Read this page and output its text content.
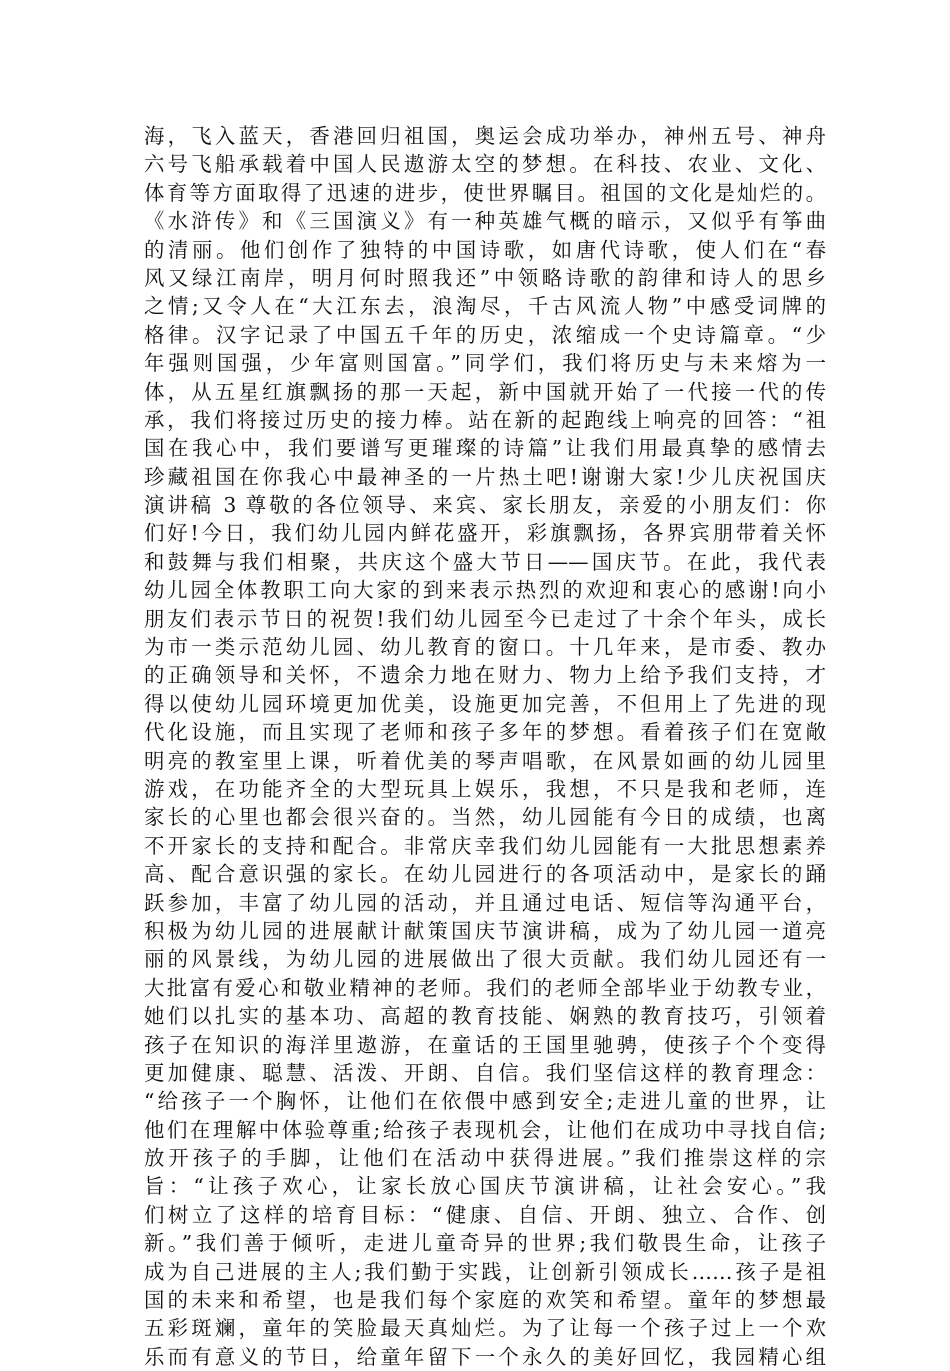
海，飞入蓝天，香港回归祖国，奥运会成功举办，神州五号、神舟
六号飞船承载着中国人民遨游太空的梦想。在科技、农业、文化、
体育等方面取得了迅速的进步，使世界瞩目。祖国的文化是灿烂的。
《水浒传》和《三国演义》有一种英雄气概的暗示，又似乎有筝曲
的清丽。他们创作了独特的中国诗歌，如唐代诗歌，使人们在“春
风又绿江南岸，明月何时照我还”中领略诗歌的韵律和诗人的思乡
之情;又令人在“大江东去，浪淘尽，千古风流人物”中感受词牌的
格律。汉字记录了中国五千年的历史，浓缩成一个史诗篇章。“少
年强则国强，少年富则国富。”同学们，我们将历史与未来熔为一
体，从五星红旗飘扬的那一天起，新中国就开始了一代接一代的传
承，我们将接过历史的接力棒。站在新的起跑线上响亮的回答：“祖
国在我心中，我们要谱写更璀璨的诗篇”让我们用最真挚的感情去
珍藏祖国在你我心中最神圣的一片热土吧!谢谢大家!少儿庆祝国庆
演讲稿 3 尊敬的各位领导、来宾、家长朋友，亲爱的小朋友们：你
们好!今日，我们幼儿园内鲜花盛开，彩旗飘扬，各界宾朋带着关怀
和鼓舞与我们相聚，共庆这个盛大节日——国庆节。在此，我代表
幼儿园全体教职工向大家的到来表示热烈的欢迎和衷心的感谢!向小
朋友们表示节日的祝贺!我们幼儿园至今已走过了十余个年头，成长
为市一类示范幼儿园、幼儿教育的窗口。十几年来，是市委、教办
的正确领导和关怀，不遗余力地在财力、物力上给予我们支持，才
得以使幼儿园环境更加优美，设施更加完善，不但用上了先进的现
代化设施，而且实现了老师和孩子多年的梦想。看着孩子们在宽敞
明亮的教室里上课，听着优美的琴声唱歌，在风景如画的幼儿园里
游戏，在功能齐全的大型玩具上娱乐，我想，不只是我和老师，连
家长的心里也都会很兴奋的。当然，幼儿园能有今日的成绩，也离
不开家长的支持和配合。非常庆幸我们幼儿园能有一大批思想素养
高、配合意识强的家长。在幼儿园进行的各项活动中，是家长的踊
跃参加，丰富了幼儿园的活动，并且通过电话、短信等沟通平台，
积极为幼儿园的进展献计献策国庆节演讲稿，成为了幼儿园一道亮
丽的风景线，为幼儿园的进展做出了很大贡献。我们幼儿园还有一
大批富有爱心和敬业精神的老师。我们的老师全部毕业于幼教专业，
她们以扎实的基本功、高超的教育技能、娴熟的教育技巧，引领着
孩子在知识的海洋里遨游，在童话的王国里驰骋，使孩子个个变得
更加健康、聪慧、活泼、开朗、自信。我们坚信这样的教育理念：
“给孩子一个胸怀，让他们在依偎中感到安全;走进儿童的世界，让
他们在理解中体验尊重;给孩子表现机会，让他们在成功中寻找自信;
放开孩子的手脚，让他们在活动中获得进展。”我们推崇这样的宗
旨：“让孩子欢心，让家长放心国庆节演讲稿，让社会安心。”我
们树立了这样的培育目标：“健康、自信、开朗、独立、合作、创
新。”我们善于倾听，走进儿童奇异的世界;我们敬畏生命，让孩子
成为自己进展的主人;我们勤于实践，让创新引领成长……孩子是祖
国的未来和希望，也是我们每个家庭的欢笑和希望。童年的梦想最
五彩斑斓，童年的笑脸最天真灿烂。为了让每一个孩子过上一个欢
乐而有意义的节日，给童年留下一个永久的美好回忆，我园精心组
